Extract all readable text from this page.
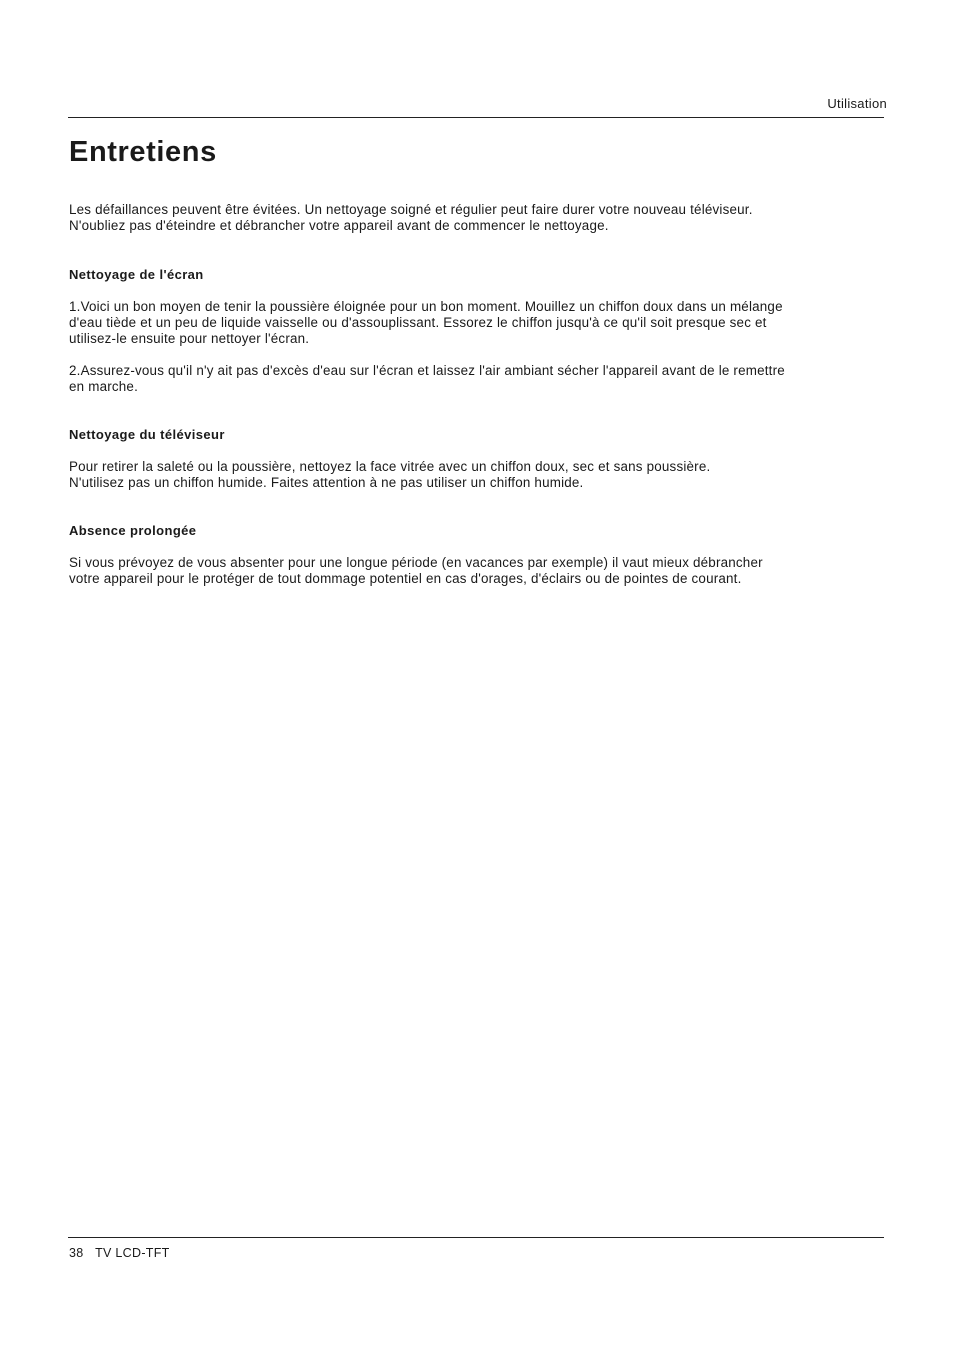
Utilisation
Entretiens

Les défaillances peuvent être évitées. Un nettoyage soigné et régulier peut faire durer votre nouveau téléviseur.
N'oubliez pas d'éteindre et débrancher votre appareil avant de commencer le nettoyage.

Nettoyage de l'écran

1.Voici un bon moyen de tenir la poussière éloignée pour un bon moment. Mouillez un chiffon doux dans un mélange
d'eau tiède et un peu de liquide vaisselle ou d'assouplissant. Essorez le chiffon jusqu'à ce qu'il soit presque sec et
utilisez-le ensuite pour nettoyer l'écran.

2.Assurez-vous qu'il n'y ait pas d'excès d'eau sur l'écran et laissez l'air ambiant sécher l'appareil avant de le remettre
en marche.

Nettoyage du téléviseur

Pour retirer la saleté ou la poussière, nettoyez la face vitrée avec un chiffon doux, sec et sans poussière.
N'utilisez pas un chiffon humide. Faites attention à ne pas utiliser un chiffon humide.

Absence prolongée

Si vous prévoyez de vous absenter pour une longue période (en vacances par exemple) il vaut mieux débrancher
votre appareil pour le protéger de tout dommage potentiel en cas d'orages, d'éclairs ou de pointes de courant.

38 TV LCD-TFT
